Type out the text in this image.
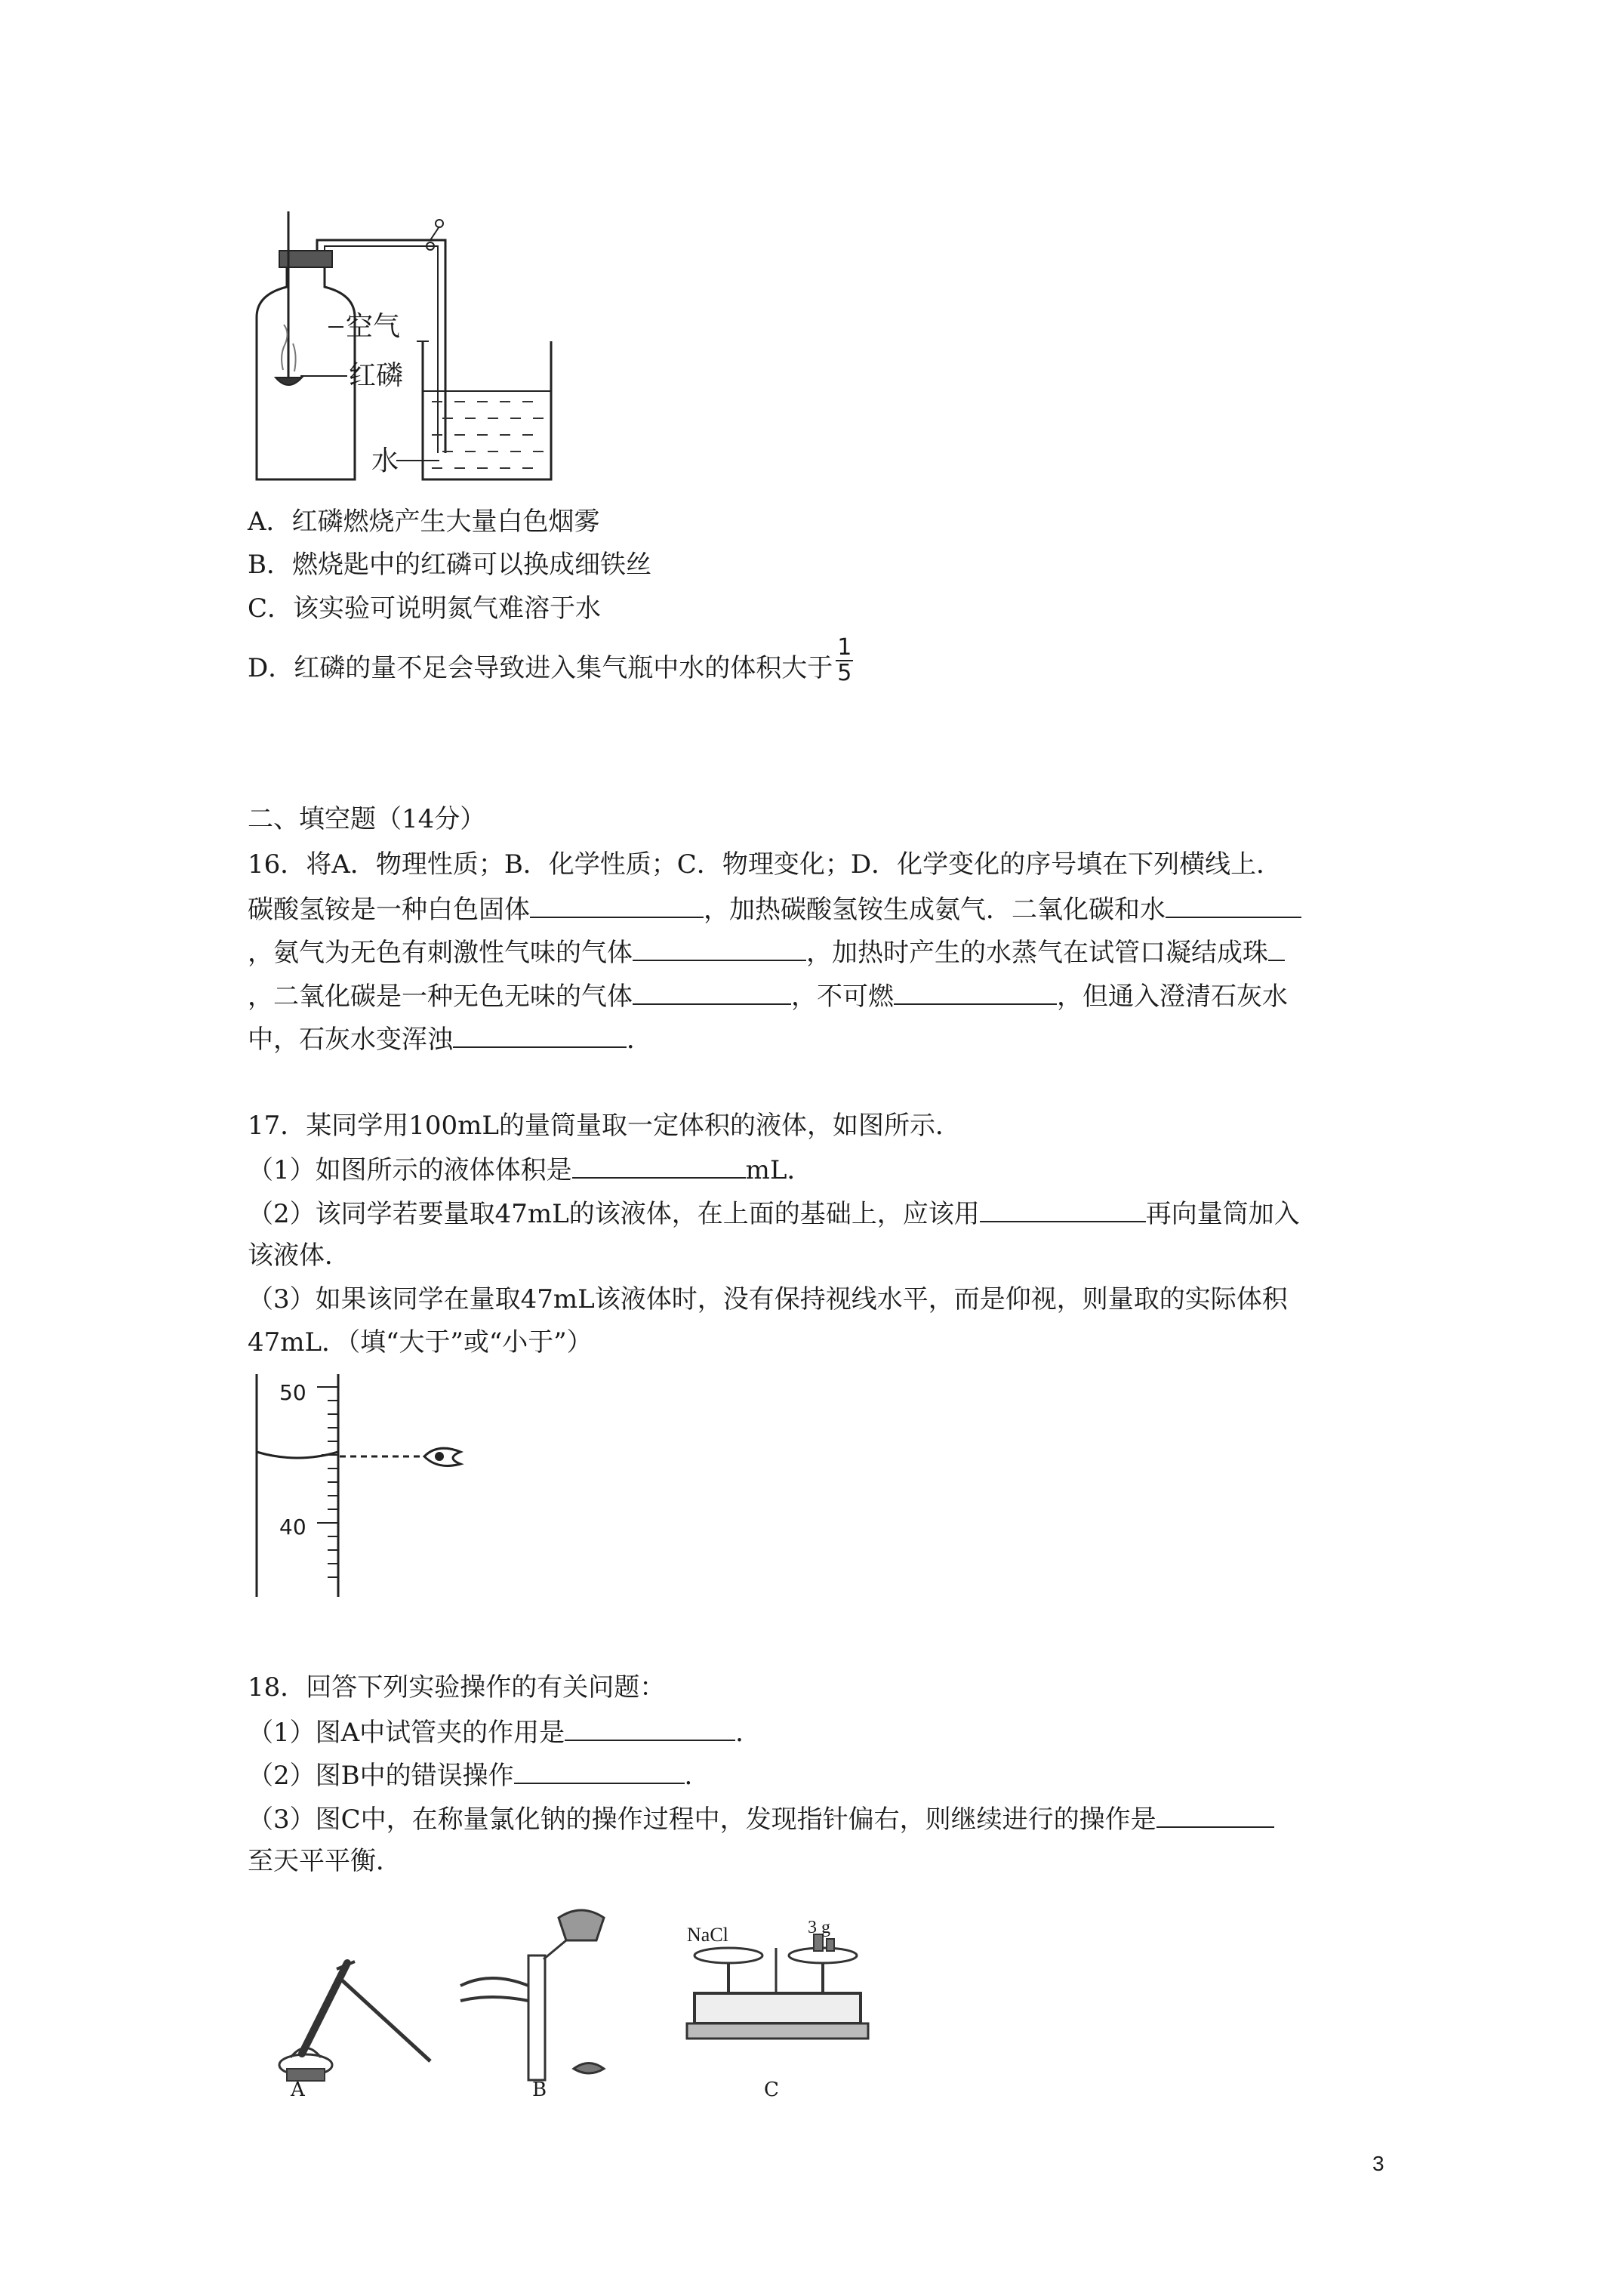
空气
红磷
水
A．红磷燃烧产生大量白色烟雾
B．燃烧匙中的红磷可以换成细铁丝
C．该实验可说明氮气难溶于水
D．红磷的量不足会导致进入集气瓶中水的体积大于 $\frac{1}{5}$
二、填空题（14分）
16．将A．物理性质；B．化学性质；C．物理变化；D．化学变化的序号填在下列横线上．
碳酸氢铵是一种白色固体	，加热碳酸氢铵生成氨气．二氧化碳和水
，氨气为无色有刺激性气味的气体	，加热时产生的水蒸气在试管口凝结成珠
，二氧化碳是一种无色无味的气体	，不可燃	，但通入澄清石灰水
中，石灰水变浑浊	．
17．某同学用100mL的量筒量取一定体积的液体，如图所示．
（1）如图所示的液体体积是	mL．
（2）该同学若要量取47mL的该液体，在上面的基础上，应该用	再向量筒加入
该液体．
（3）如果该同学在量取47mL该液体时，没有保持视线水平，而是仰视，则量取的实际体积
47mL．（填“大于”或“小于”）
50
40
18．回答下列实验操作的有关问题：
（1）图A中试管夹的作用是	．
（2）图B中的错误操作	．
（3）图C中，在称量氯化钠的操作过程中，发现指针偏右，则继续进行的操作是
至天平平衡．
NaCl	3 g
A	B	C
3
